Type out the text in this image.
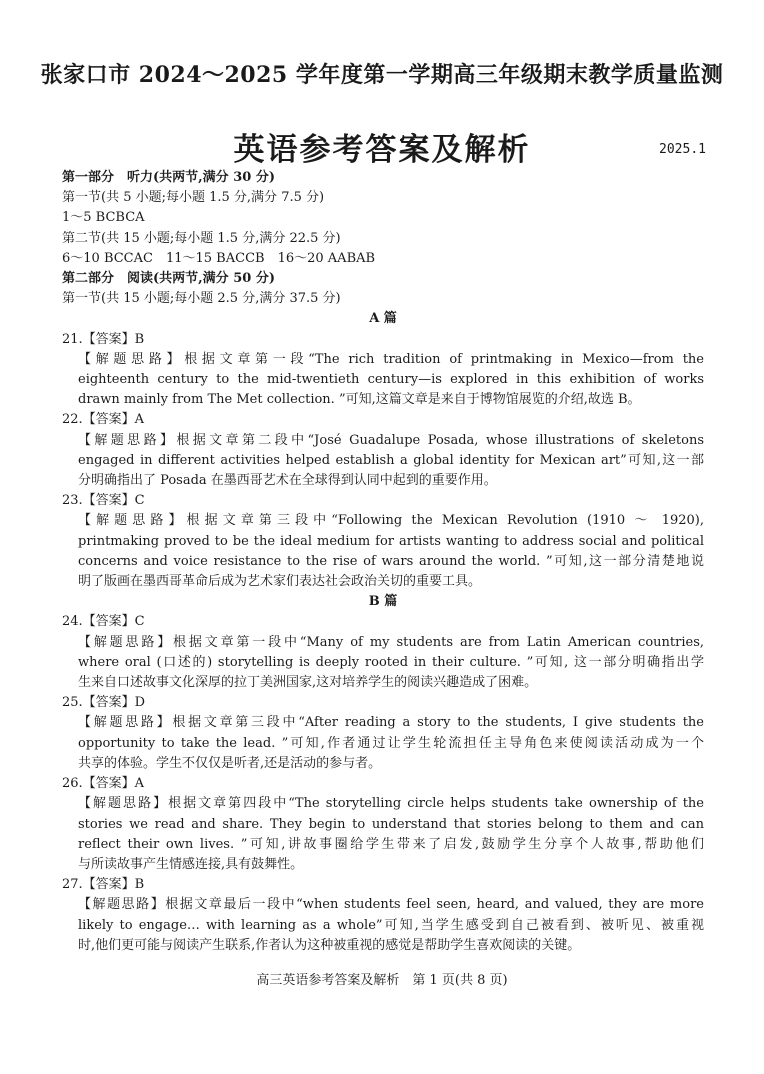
张家口市 2024～2025 学年度第一学期高三年级期末教学质量监测
英语参考答案及解析	2025.1
第一部分　听力(共两节,满分 30 分)
第一节(共 5 小题;每小题 1.5 分,满分 7.5 分)
1～5 BCBCA
第二节(共 15 小题;每小题 1.5 分,满分 22.5 分)
6～10 BCCAC　11～15 BACCB　16～20 AABAB
第二部分　阅读(共两节,满分 50 分)
第一节(共 15 小题;每小题 2.5 分,满分 37.5 分)
A 篇
21.【答案】B
【解题思路】根据文章第一段“The rich tradition of printmaking in Mexico—from the
eighteenth century to the mid-twentieth century—is explored in this exhibition of works
drawn mainly from The Met collection. ”可知,这篇文章是来自于博物馆展览的介绍,故选 B。
22.【答案】A
【解题思路】根据文章第二段中“José Guadalupe Posada, whose illustrations of skeletons
engaged in different activities helped establish a global identity for Mexican art”可知,这一部
分明确指出了 Posada 在墨西哥艺术在全球得到认同中起到的重要作用。
23.【答案】C
【解题思路】根据文章第三段中“Following the Mexican Revolution (1910 ～ 1920),
printmaking proved to be the ideal medium for artists wanting to address social and political
concerns and voice resistance to the rise of wars around the world. ”可知,这一部分清楚地说
明了版画在墨西哥革命后成为艺术家们表达社会政治关切的重要工具。
B 篇
24.【答案】C
【解题思路】根据文章第一段中“Many of my students are from Latin American countries,
where oral (口述的) storytelling is deeply rooted in their culture. ”可知, 这一部分明确指出学
生来自口述故事文化深厚的拉丁美洲国家,这对培养学生的阅读兴趣造成了困难。
25.【答案】D
【解题思路】根据文章第三段中“After reading a story to the students, I give students the
opportunity to take the lead. ”可知,作者通过让学生轮流担任主导角色来使阅读活动成为一个
共享的体验。学生不仅仅是听者,还是活动的参与者。
26.【答案】A
【解题思路】根据文章第四段中“The storytelling circle helps students take ownership of the
stories we read and share. They begin to understand that stories belong to them and can
reflect their own lives. ”可知,讲故事圈给学生带来了启发,鼓励学生分享个人故事,帮助他们
与所读故事产生情感连接,具有鼓舞性。
27.【答案】B
【解题思路】根据文章最后一段中“when students feel seen, heard, and valued, they are more
likely to engage… with learning as a whole”可知,当学生感受到自己被看到、被听见、被重视
时,他们更可能与阅读产生联系,作者认为这种被重视的感觉是帮助学生喜欢阅读的关键。
高三英语参考答案及解析　第 1 页(共 8 页)
